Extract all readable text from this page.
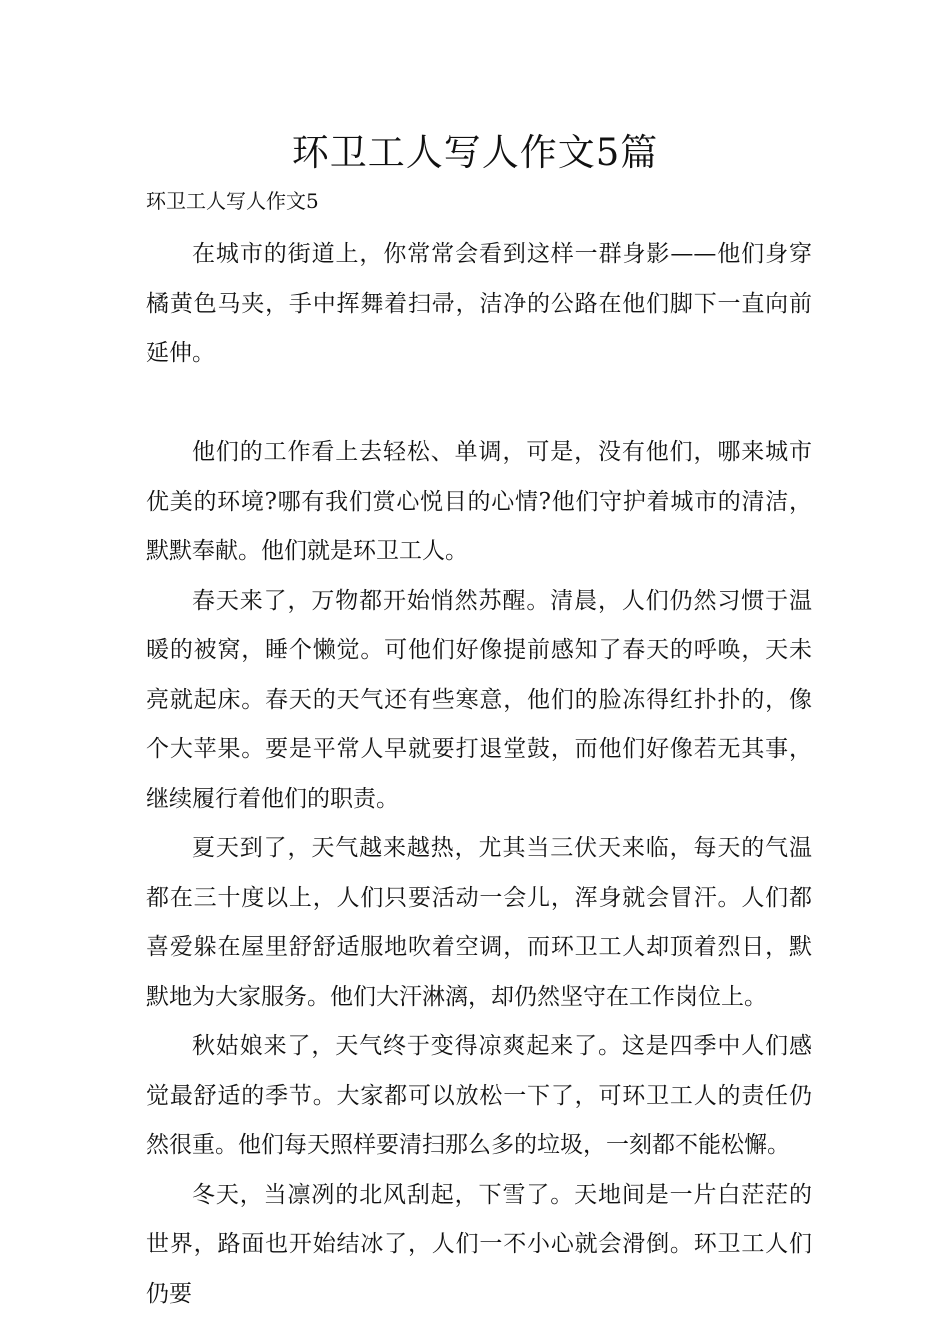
环卫工人写人作文5篇
环卫工人写人作文5

在城市的街道上，你常常会看到这样一群身影——他们身穿橘黄色马夹，手中挥舞着扫帚，洁净的公路在他们脚下一直向前延伸。

他们的工作看上去轻松、单调，可是，没有他们，哪来城市优美的环境?哪有我们赏心悦目的心情?他们守护着城市的清洁，默默奉献。他们就是环卫工人。

春天来了，万物都开始悄然苏醒。清晨，人们仍然习惯于温暖的被窝，睡个懒觉。可他们好像提前感知了春天的呼唤，天未亮就起床。春天的天气还有些寒意，他们的脸冻得红扑扑的，像个大苹果。要是平常人早就要打退堂鼓，而他们好像若无其事，继续履行着他们的职责。

夏天到了，天气越来越热，尤其当三伏天来临，每天的气温都在三十度以上，人们只要活动一会儿，浑身就会冒汗。人们都喜爱躲在屋里舒舒适服地吹着空调，而环卫工人却顶着烈日，默默地为大家服务。他们大汗淋漓，却仍然坚守在工作岗位上。

秋姑娘来了，天气终于变得凉爽起来了。这是四季中人们感觉最舒适的季节。大家都可以放松一下了，可环卫工人的责任仍然很重。他们每天照样要清扫那么多的垃圾，一刻都不能松懈。

冬天，当凛冽的北风刮起，下雪了。天地间是一片白茫茫的世界，路面也开始结冰了，人们一不小心就会滑倒。环卫工人们仍要
